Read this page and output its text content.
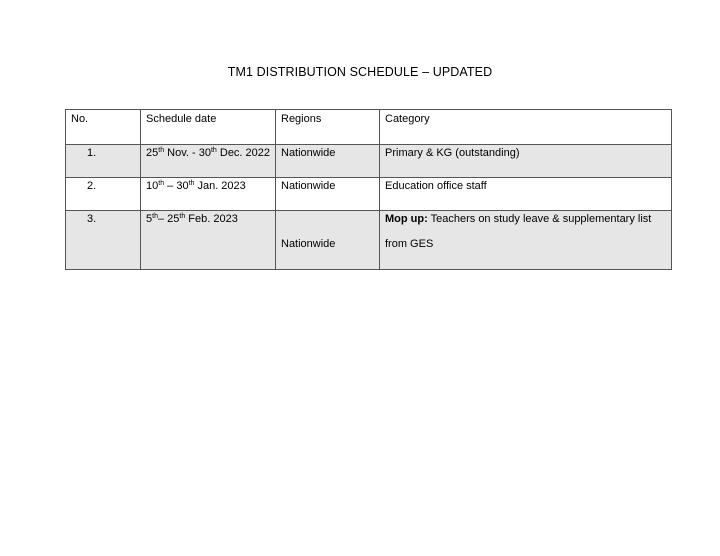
TM1 DISTRIBUTION SCHEDULE – UPDATED
No.	Schedule date	Regions	Category
1.	25th Nov. - 30th Dec. 2022	Nationwide	Primary & KG (outstanding)
2.	10th – 30th Jan. 2023	Nationwide	Education office staff
3.	5th– 25th Feb. 2023	Nationwide	Mop up: Teachers on study leave & supplementary list
from GES
